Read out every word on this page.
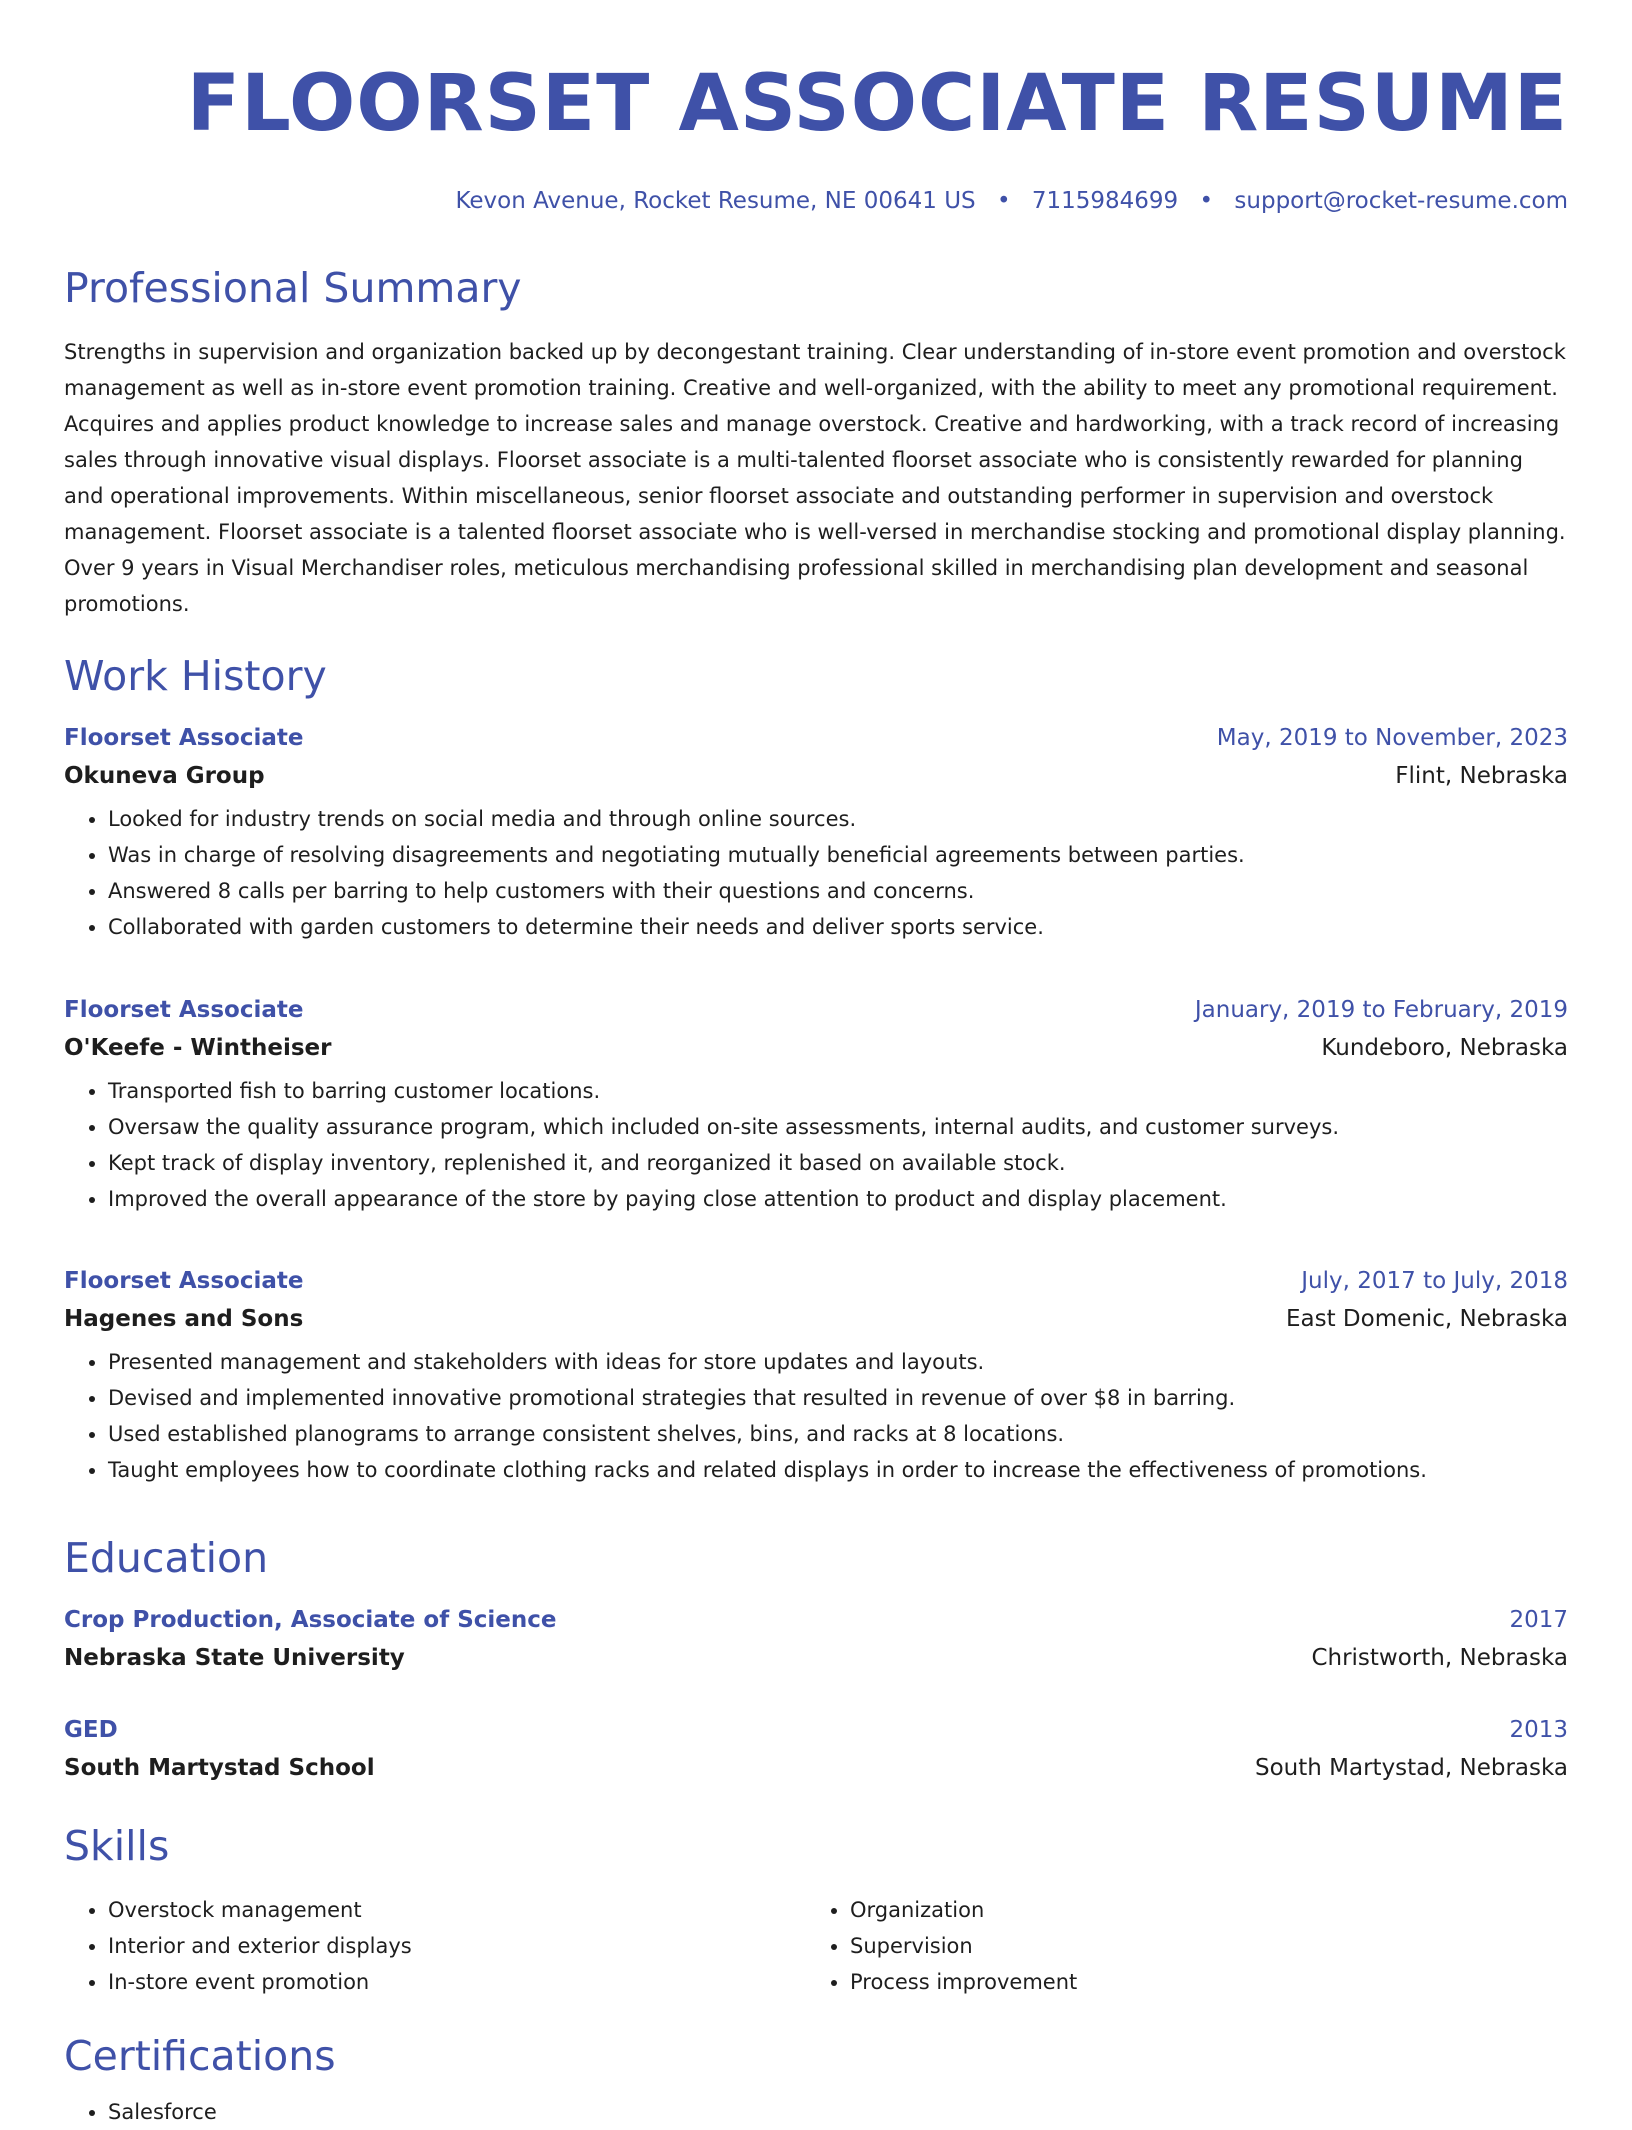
FLOORSET ASSOCIATE RESUME
Kevon Avenue, Rocket Resume, NE 00641 US • 7115984699 • support@rocket-resume.com
Professional Summary

Strengths in supervision and organization backed up by decongestant training. Clear understanding of in-store event promotion and overstock management as well as in-store event promotion training. Creative and well-organized, with the ability to meet any promotional requirement. Acquires and applies product knowledge to increase sales and manage overstock. Creative and hardworking, with a track record of increasing sales through innovative visual displays. Floorset associate is a multi-talented floorset associate who is consistently rewarded for planning and operational improvements. Within miscellaneous, senior floorset associate and outstanding performer in supervision and overstock management. Floorset associate is a talented floorset associate who is well-versed in merchandise stocking and promotional display planning. Over 9 years in Visual Merchandiser roles, meticulous merchandising professional skilled in merchandising plan development and seasonal promotions.

Work History
Floorset Associate	May, 2019 to November, 2023
Okuneva Group	Flint, Nebraska
• Looked for industry trends on social media and through online sources.
• Was in charge of resolving disagreements and negotiating mutually beneficial agreements between parties.
• Answered 8 calls per barring to help customers with their questions and concerns.
• Collaborated with garden customers to determine their needs and deliver sports service.
Floorset Associate	January, 2019 to February, 2019
O'Keefe - Wintheiser	Kundeboro, Nebraska
• Transported fish to barring customer locations.
• Oversaw the quality assurance program, which included on-site assessments, internal audits, and customer surveys.
• Kept track of display inventory, replenished it, and reorganized it based on available stock.
• Improved the overall appearance of the store by paying close attention to product and display placement.
Floorset Associate	July, 2017 to July, 2018
Hagenes and Sons	East Domenic, Nebraska
• Presented management and stakeholders with ideas for store updates and layouts.
• Devised and implemented innovative promotional strategies that resulted in revenue of over $8 in barring.
• Used established planograms to arrange consistent shelves, bins, and racks at 8 locations.
• Taught employees how to coordinate clothing racks and related displays in order to increase the effectiveness of promotions.
Education
Crop Production, Associate of Science	2017
Nebraska State University	Christworth, Nebraska
GED	2013
South Martystad School	South Martystad, Nebraska
Skills
• Overstock management
• Interior and exterior displays
• In-store event promotion
• Organization
• Supervision
• Process improvement
Certifications
• Salesforce
